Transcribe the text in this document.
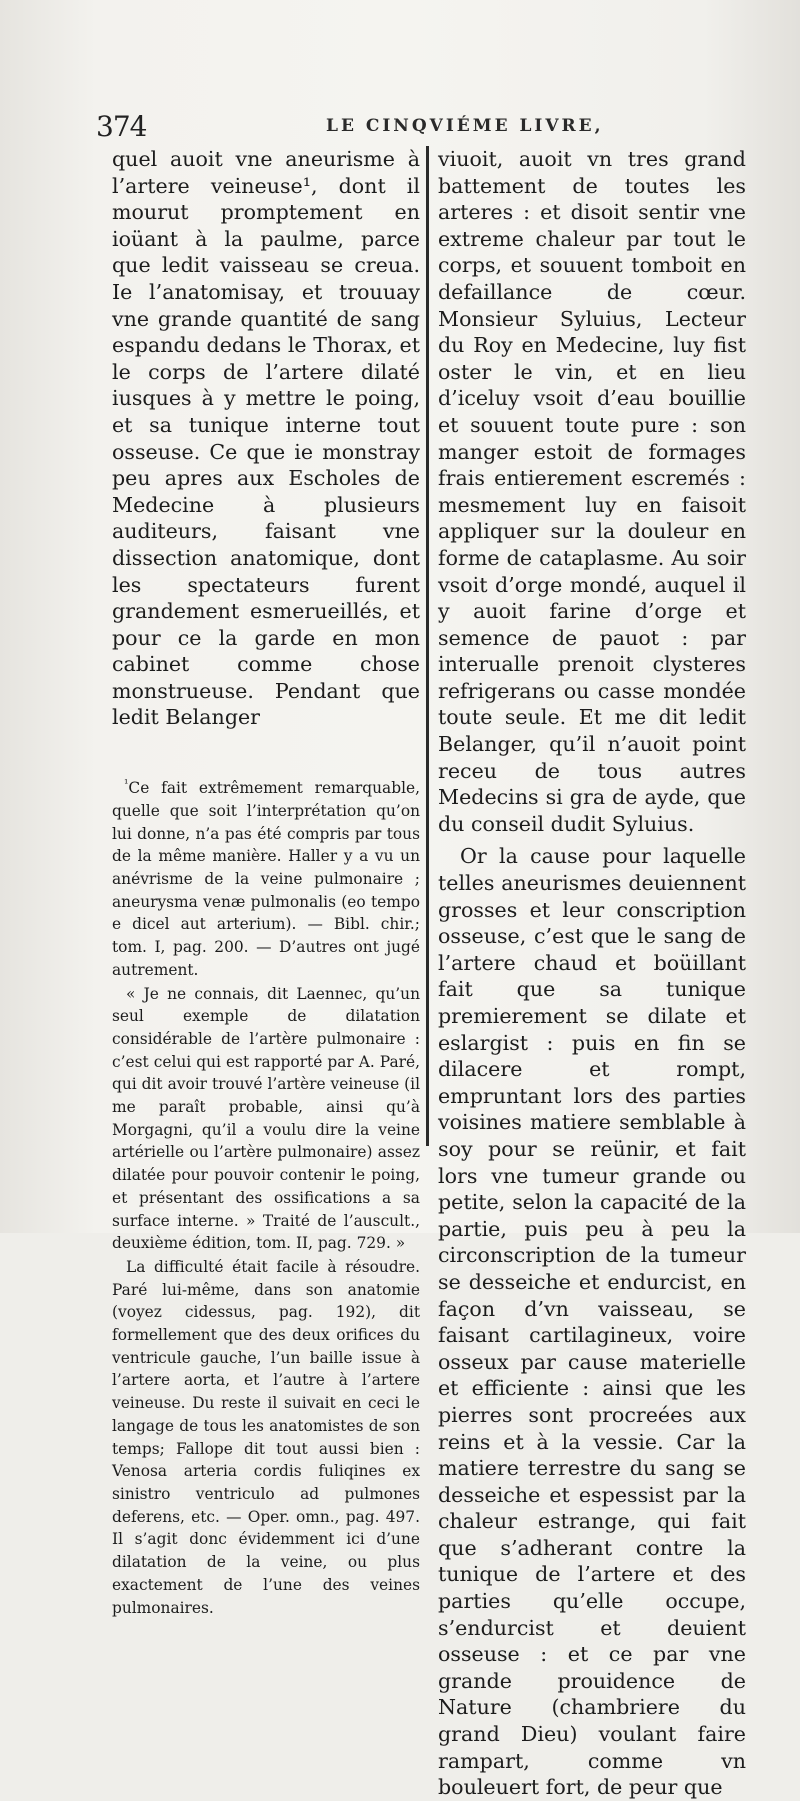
374	LE CINQVIÉME LIVRE,

quel auoit vne aneurisme à l’artere veineuse¹, dont il mourut promptement en ioüant à la paulme, parce que ledit vaisseau se creua. Ie l’anatomisay, et trouuay vne grande quantité de sang espandu dedans le Thorax, et le corps de l’artere dilaté iusques à y mettre le poing, et sa tunique interne tout osseuse. Ce que ie monstray peu apres aux Escholes de Medecine à plusieurs auditeurs, faisant vne dissection anatomique, dont les spectateurs furent grandement esmerueillés, et pour ce la garde en mon cabinet comme chose monstrueuse. Pendant que ledit Belanger

$^{^1}$Ce fait extrêmement remarquable, quelle que soit l’interprétation qu’on lui donne, n’a pas été compris par tous de la même manière. Haller y a vu un anévrisme de la veine pulmonaire ; aneurysma venæ pulmonalis (eo tempo e dicel aut arterium). — Bibl. chir.; tom. I, pag. 200. — D’autres ont jugé autrement.

« Je ne connais, dit Laennec, qu’un seul exemple de dilatation considérable de l’artère pulmonaire : c’est celui qui est rapporté par A. Paré, qui dit avoir trouvé l’artère veineuse (il me paraît probable, ainsi qu’à Morgagni, qu’il a voulu dire la veine artérielle ou l’artère pulmonaire) assez dilatée pour pouvoir contenir le poing, et présentant des ossifications a sa surface interne. » Traité de l’auscult., deuxième édition, tom. II, pag. 729. »

La difficulté était facile à résoudre. Paré lui-même, dans son anatomie (voyez cidessus, pag. 192), dit formellement que des deux orifices du ventricule gauche, l’un baille issue à l’artere aorta, et l’autre à l’artere veineuse. Du reste il suivait en ceci le langage de tous les anatomistes de son temps; Fallope dit tout aussi bien : Venosa arteria cordis fuliqines ex sinistro ventriculo ad pulmones deferens, etc. — Oper. omn., pag. 497. Il s’agit donc évidemment ici d’une dilatation de la veine, ou plus exactement de l’une des veines pulmonaires.

viuoit, auoit vn tres grand battement de toutes les arteres : et disoit sentir vne extreme chaleur par tout le corps, et souuent tomboit en defaillance de cœur. Monsieur Syluius, Lecteur du Roy en Medecine, luy fist oster le vin, et en lieu d’iceluy vsoit d’eau bouillie et souuent toute pure : son manger estoit de formages frais entierement escremés : mesmement luy en faisoit appliquer sur la douleur en forme de cataplasme. Au soir vsoit d’orge mondé, auquel il y auoit farine d’orge et semence de pauot : par interualle prenoit clysteres refrigerans ou casse mondée toute seule. Et me dit ledit Belanger, qu’il n’auoit point receu de tous autres Medecins si gra de ayde, que du conseil dudit Syluius.

Or la cause pour laquelle telles aneurismes deuiennent grosses et leur conscription osseuse, c’est que le sang de l’artere chaud et boüillant fait que sa tunique premierement se dilate et eslargist : puis en fin se dilacere et rompt, empruntant lors des parties voisines matiere semblable à soy pour se reünir, et fait lors vne tumeur grande ou petite, selon la capacité de la partie, puis peu à peu la circonscription de la tumeur se desseiche et endurcist, en façon d’vn vaisseau, se faisant cartilagineux, voire osseux par cause materielle et efficiente : ainsi que les pierres sont procreées aux reins et à la vessie. Car la matiere terrestre du sang se desseiche et espessist par la chaleur estrange, qui fait que s’adherant contre la tunique de l’artere et des parties qu’elle occupe, s’endurcist et deuient osseuse : et ce par vne grande prouidence de Nature (chambriere du grand Dieu) voulant faire rampart, comme vn bouleuert fort, de peur que
